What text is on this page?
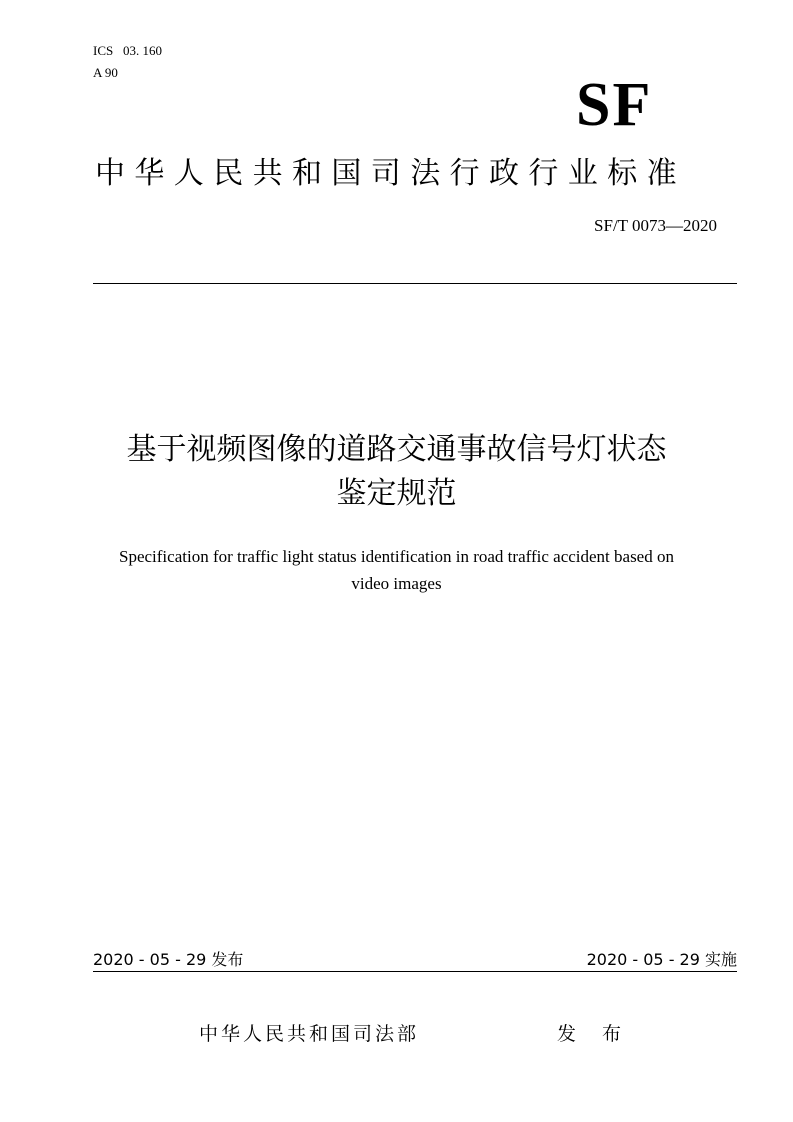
ICS   03. 160
A 90	SF
中华人民共和国司法行政行业标准
SF/T 0073—2020
基于视频图像的道路交通事故信号灯状态
鉴定规范
Specification for traffic light status identification in road traffic accident based on
video images
2020 - 05 - 29 发布	2020 - 05 - 29 实施
中华人民共和国司法部	发 布
